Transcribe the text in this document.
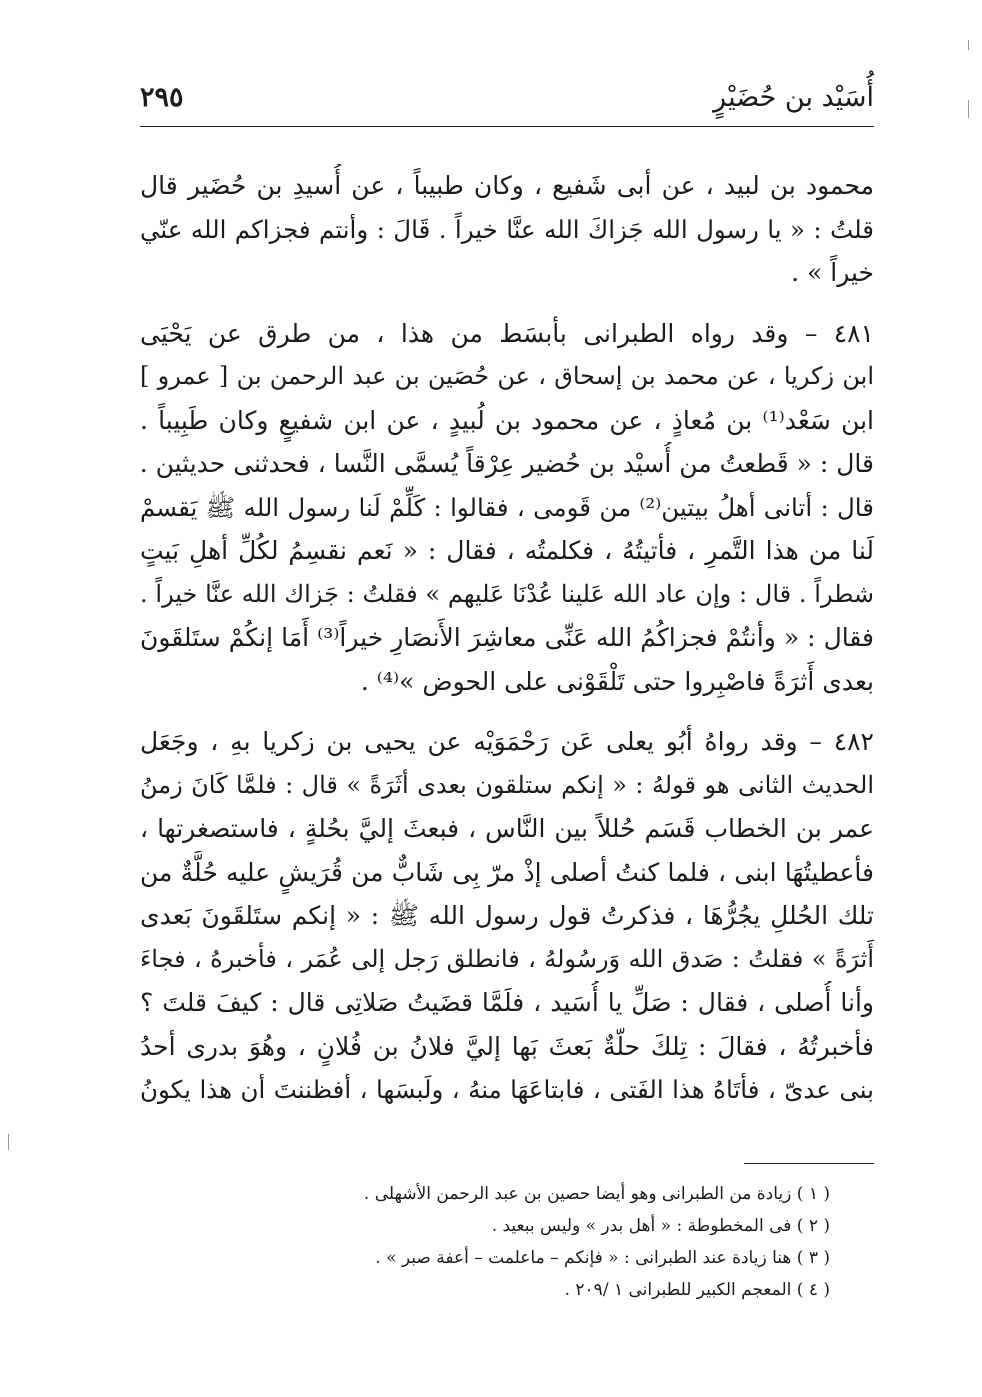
أُسَيْد بن حُضَيْرٍ
٢٩٥
محمود بن لبيد ، عن أبى شَفيع ، وكان طبيباً ، عن أُسيدِ بن حُضَير قال
قلتُ : « يا رسول الله جَزاكَ الله عنَّا خيراً . قَالَ : وأنتم فجزاكم الله عنّي
خيراً » .
٤٨١ – وقد رواه الطبرانى بأبسَط من هذا ، من طرق عن يَحْيَى
ابن زكريا ، عن محمد بن إسحاق ، عن حُصَين بن عبد الرحمن بن [ عمرو ]
ابن سَعْد⁽¹⁾ بن مُعاذٍ ، عن محمود بن لُبيدٍ ، عن ابن شفيعٍ وكان طَبِيباً .
قال : « قَطعتُ من أُسيْد بن حُضير عِرْقاً يُسمَّى النَّسا ، فحدثنى حديثين .
قال : أتانى أهلُ بيتين⁽²⁾ من قَومى ، فقالوا : كَلِّمْ لَنا رسول الله ﷺ يَقسمْ
لَنا من هذا التَّمرِ ، فأتيتُهُ ، فكلمتُه ، فقال : « نَعم نقسِمُ لكُلِّ أهلِ بَيتٍ
شطراً . قال : وإن عاد الله عَلينا عُدْنَا عَليهم » فقلتُ : جَزاك الله عنَّا خيراً .
فقال : « وأنتُمْ فجزاكُمُ الله عَنِّى معاشِرَ الأَنصَارِ خيراً⁽³⁾ أَمَا إنكُمْ ستَلقَونَ
بعدى أَثرَةً فاصْبِروا حتى تَلْقَوْنى على الحوض »⁽⁴⁾ .
٤٨٢ – وقد رواهُ أبُو يعلى عَن رَحْمَوَيْه عن يحيى بن زكريا بهِ ، وجَعَل
الحديث الثانى هو قولهُ : « إنكم ستلقون بعدى أثَرَةً » قال : فلمَّا كَانَ زمنُ
عمر بن الخطاب قَسَم حُللاً بين النَّاس ، فبعثَ إليَّ بحُلةٍ ، فاستصغرتها ،
فأعطيتُهَا ابنى ، فلما كنتُ أصلى إذْ مرّ بِى شَابٌّ من قُرَيشٍ عليه حُلَّةٌ من
تلك الحُللِ يجُرُّهَا ، فذكرتُ قول رسول الله ﷺ : « إنكم ستَلقَونَ بَعدى
أَثرَةً » فقلتُ : صَدق الله وَرسُولهُ ، فانطلق رَجل إلى عُمَر ، فأخبرهُ ، فجاءَ
وأنا أُصلى ، فقال : صَلِّ يا أُسَيد ، فلَمَّا قضَيتُ صَلاتِى قال : كيفَ قلتَ ؟
فأخبرتُهُ ، فقالَ : تِلكَ حلّةٌ بَعثَ بَها إليَّ فلانُ بن فُلانٍ ، وهُوَ بدرى أحدُ
بنى عدىّ ، فأتَاهُ هذا الفَتى ، فابتاعَهَا منهُ ، ولَبسَها ، أفظننتَ أن هذا يكونُ
( ١ ) زيادة من الطبرانى وهو أيضا حصين بن عبد الرحمن الأشهلى .
( ٢ ) فى المخطوطة : « أهل بدر » وليس ببعيد .
( ٣ ) هنا زيادة عند الطبرانى : « فإنكم – ماعلمت – أعفة صبر » .
( ٤ ) المعجم الكبير للطبرانى ١ /٢٠٩ .
